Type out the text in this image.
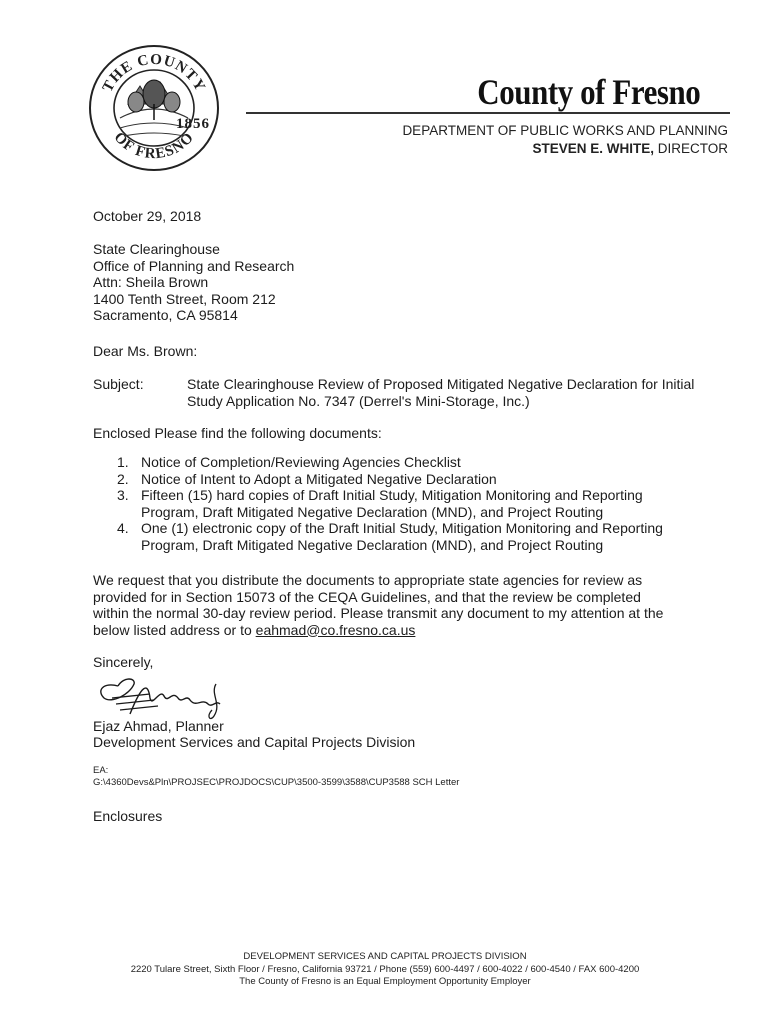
1856
THE COUNTY
OF FRESNO
County of Fresno
DEPARTMENT OF PUBLIC WORKS AND PLANNING
STEVEN E. WHITE, DIRECTOR
October 29, 2018
State Clearinghouse
Office of Planning and Research
Attn: Sheila Brown
1400 Tenth Street, Room 212
Sacramento, CA 95814
Dear Ms. Brown:
Subject:	State Clearinghouse Review of Proposed Mitigated Negative Declaration for Initial Study Application No. 7347 (Derrel's Mini-Storage, Inc.)
Enclosed Please find the following documents:
1. Notice of Completion/Reviewing Agencies Checklist
2. Notice of Intent to Adopt a Mitigated Negative Declaration
3. Fifteen (15) hard copies of Draft Initial Study, Mitigation Monitoring and Reporting Program, Draft Mitigated Negative Declaration (MND), and Project Routing
4. One (1) electronic copy of the Draft Initial Study, Mitigation Monitoring and Reporting Program, Draft Mitigated Negative Declaration (MND), and Project Routing
We request that you distribute the documents to appropriate state agencies for review as provided for in Section 15073 of the CEQA Guidelines, and that the review be completed within the normal 30-day review period. Please transmit any document to my attention at the below listed address or to eahmad@co.fresno.ca.us
Sincerely,
Ejaz Ahmad, Planner
Development Services and Capital Projects Division
EA:
G:\4360Devs&Pln\PROJSEC\PROJDOCS\CUP\3500-3599\3588\CUP3588 SCH Letter
Enclosures
DEVELOPMENT SERVICES AND CAPITAL PROJECTS DIVISION
2220 Tulare Street, Sixth Floor / Fresno, California 93721 / Phone (559) 600-4497 / 600-4022 / 600-4540 / FAX 600-4200
The County of Fresno is an Equal Employment Opportunity Employer
